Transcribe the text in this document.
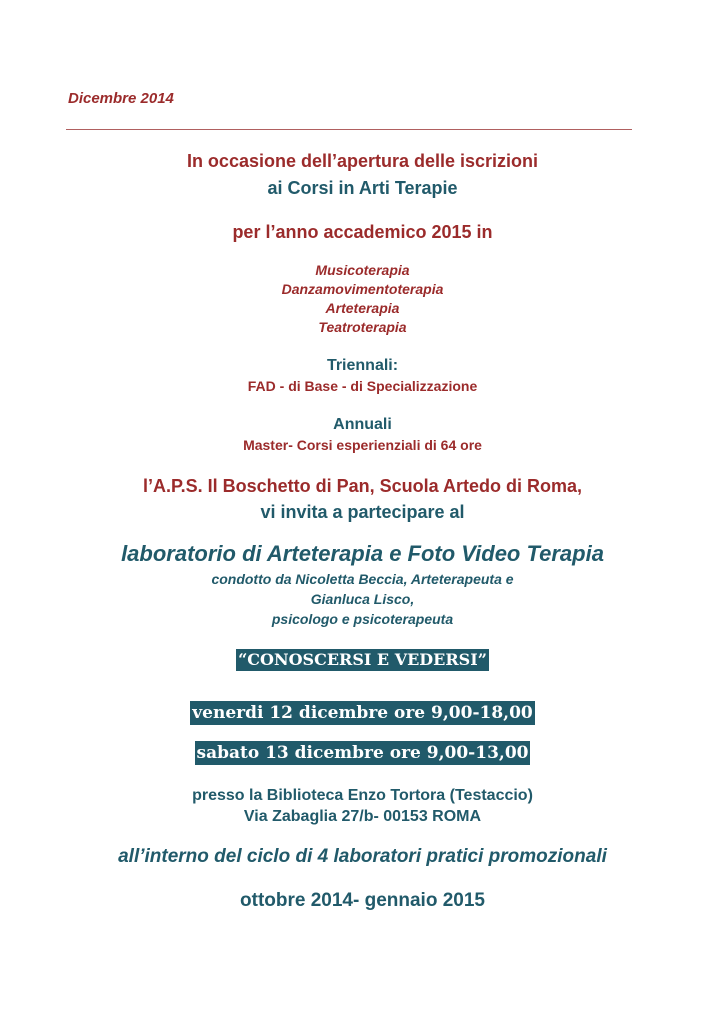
Dicembre 2014
In occasione dell’apertura delle iscrizioni
ai Corsi in Arti Terapie
per l’anno accademico 2015 in
Musicoterapia
Danzamovimentoterapia
Arteterapia
Teatroterapia
Triennali:
FAD - di Base - di Specializzazione
Annuali
Master- Corsi esperienziali di 64 ore
l’A.P.S. Il Boschetto di Pan, Scuola Artedo di Roma,
vi invita a partecipare al
laboratorio di Arteterapia e Foto Video Terapia
condotto da Nicoletta Beccia, Arteterapeuta e
Gianluca Lisco,
psicologo e psicoterapeuta
“CONOSCERSI E VEDERSI”
venerdi 12 dicembre ore 9,00-18,00
sabato 13 dicembre ore 9,00-13,00
presso la Biblioteca Enzo Tortora (Testaccio)
Via Zabaglia 27/b- 00153 ROMA
all’interno del ciclo di 4 laboratori pratici promozionali
ottobre 2014- gennaio 2015
